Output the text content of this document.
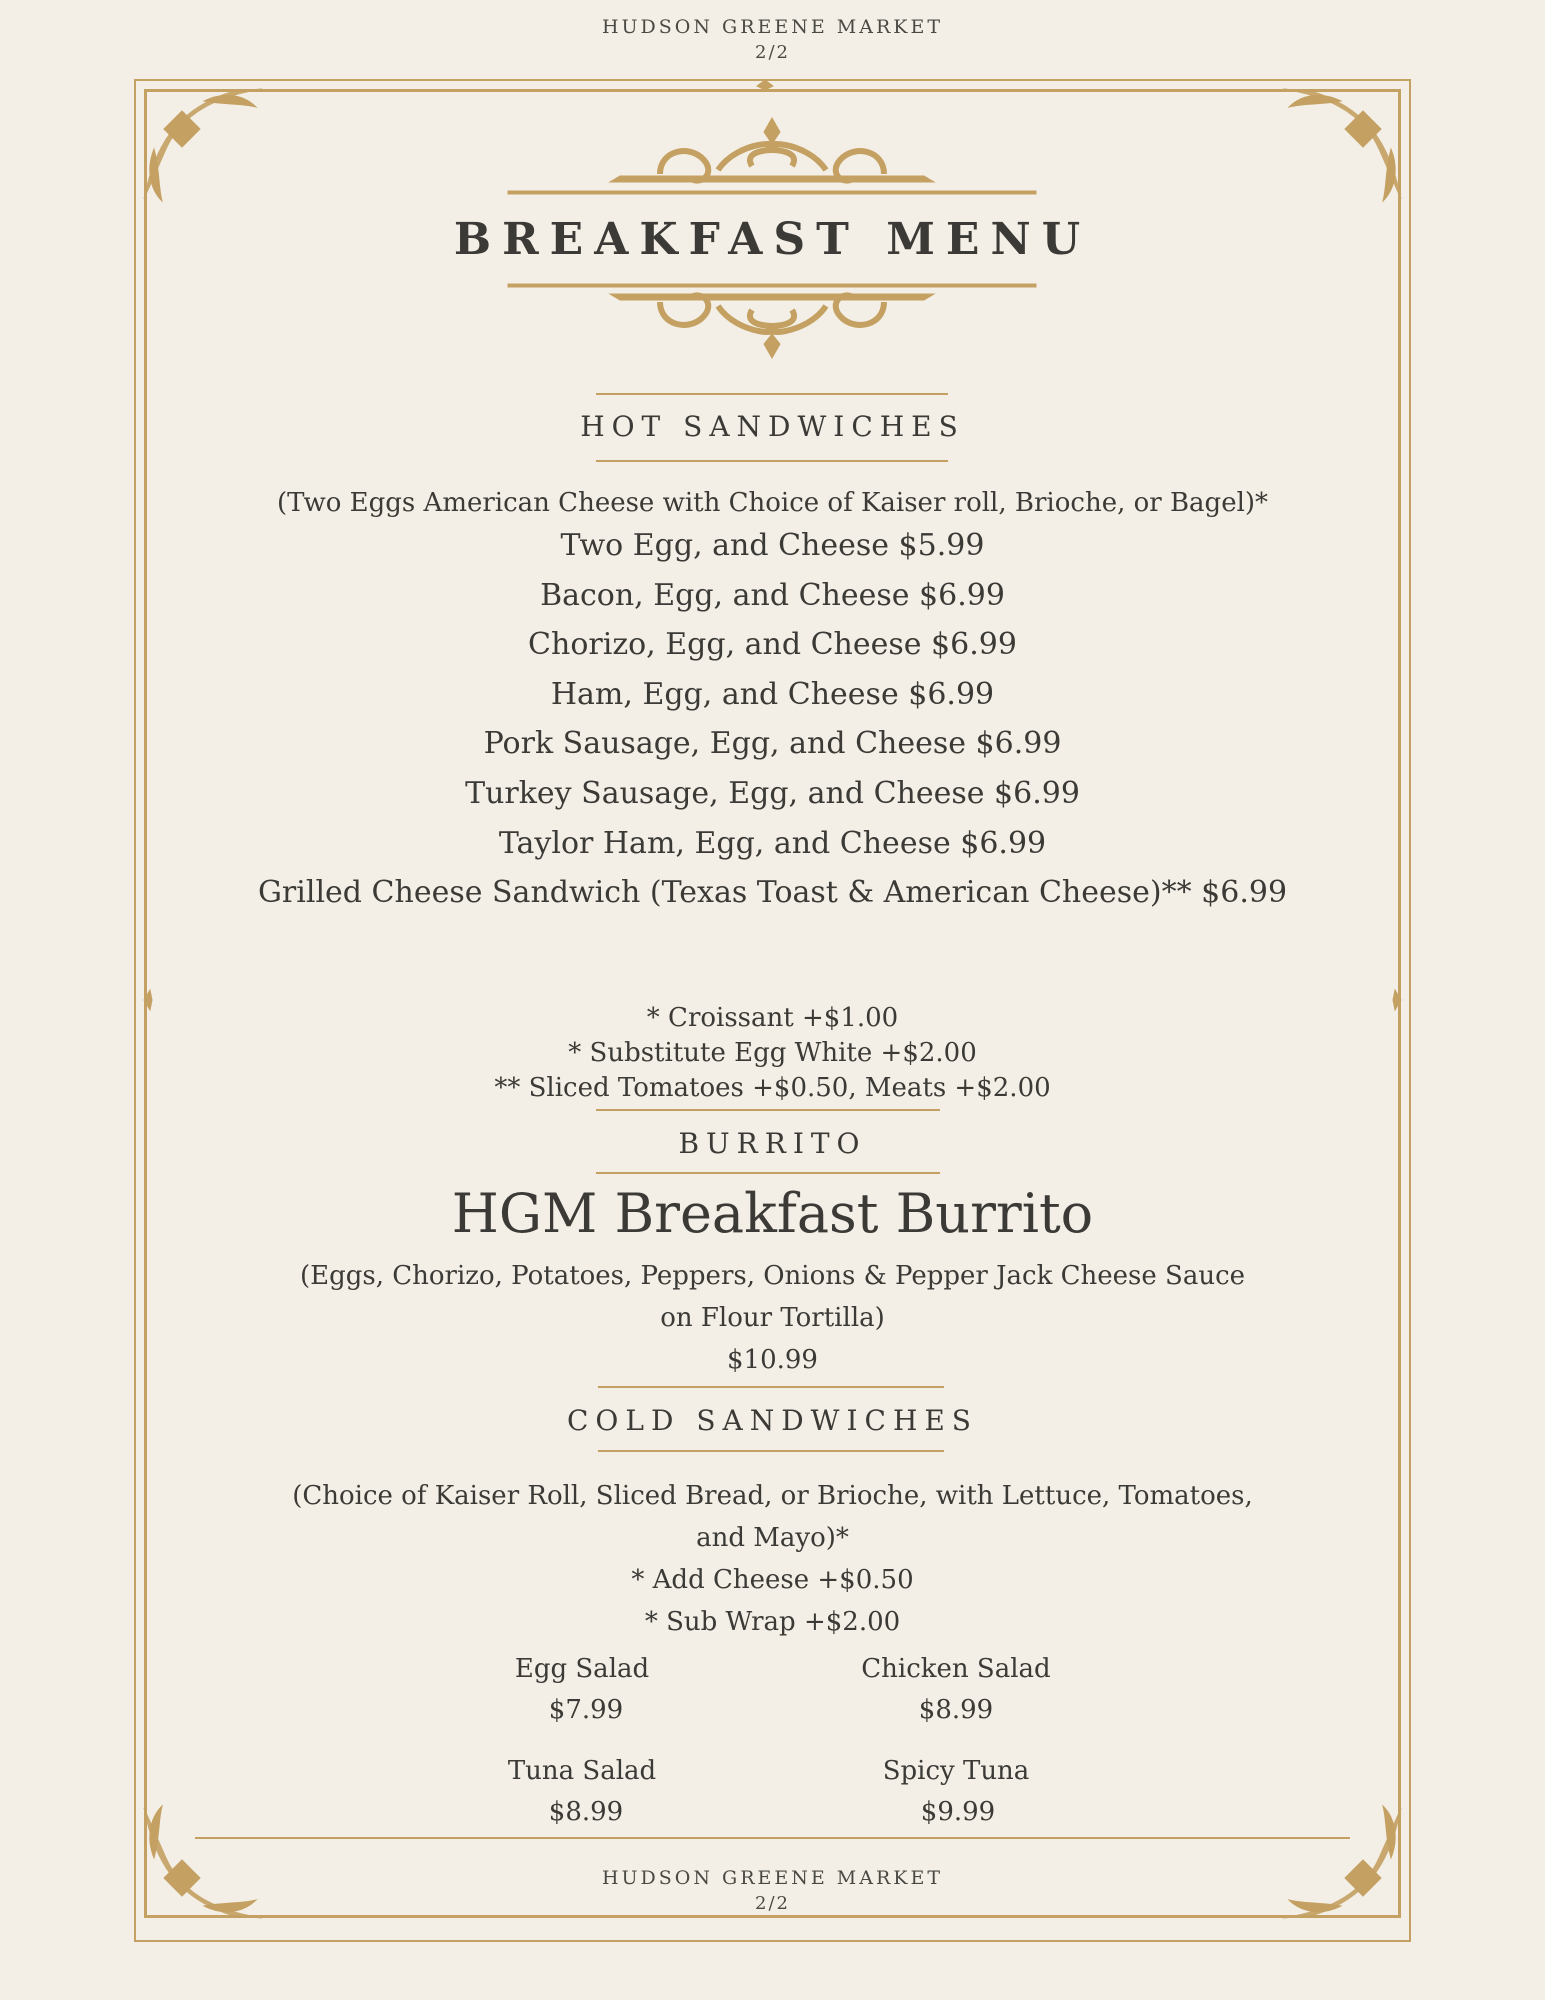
HUDSON GREENE MARKET
2/2
BREAKFAST MENU
HOT SANDWICHES
(Two Eggs American Cheese with Choice of Kaiser roll, Brioche, or Bagel)*
Two Egg, and Cheese $5.99
Bacon, Egg, and Cheese $6.99
Chorizo, Egg, and Cheese $6.99
Ham, Egg, and Cheese $6.99
Pork Sausage, Egg, and Cheese $6.99
Turkey Sausage, Egg, and Cheese $6.99
Taylor Ham, Egg, and Cheese $6.99
Grilled Cheese Sandwich (Texas Toast & American Cheese)** $6.99
* Croissant +$1.00
* Substitute Egg White +$2.00
** Sliced Tomatoes +$0.50, Meats +$2.00
BURRITO
HGM Breakfast Burrito
(Eggs, Chorizo, Potatoes, Peppers, Onions & Pepper Jack Cheese Sauce
on Flour Tortilla)
$10.99
COLD SANDWICHES
(Choice of Kaiser Roll, Sliced Bread, or Brioche, with Lettuce, Tomatoes,
and Mayo)*
* Add Cheese +$0.50
* Sub Wrap +$2.00
Egg Salad
$7.99
Chicken Salad
$8.99
Tuna Salad
$8.99
Spicy Tuna
$9.99
HUDSON GREENE MARKET
2/2
